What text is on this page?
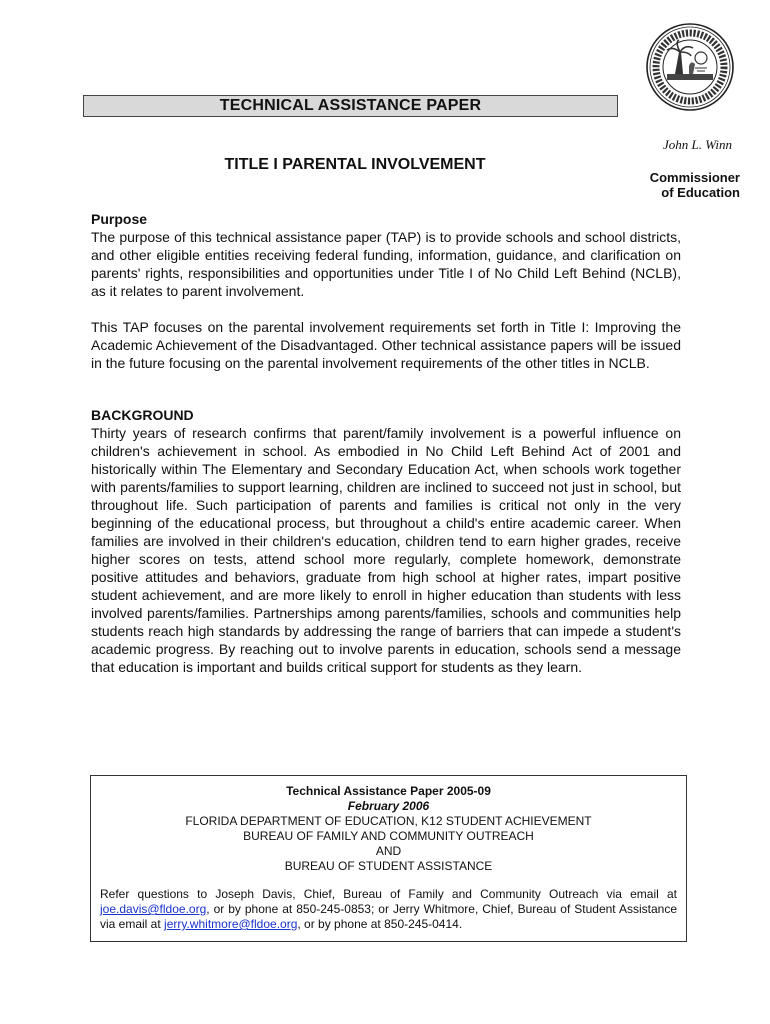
TECHNICAL ASSISTANCE PAPER
John L. Winn
TITLE I PARENTAL INVOLVEMENT
Commissioner
of Education
Purpose

The purpose of this technical assistance paper (TAP) is to provide schools and school districts, and other eligible entities receiving federal funding, information, guidance, and clarification on parents' rights, responsibilities and opportunities under Title I of No Child Left Behind (NCLB), as it relates to parent involvement.

This TAP focuses on the parental involvement requirements set forth in Title I: Improving the Academic Achievement of the Disadvantaged. Other technical assistance papers will be issued in the future focusing on the parental involvement requirements of the other titles in NCLB.

BACKGROUND

Thirty years of research confirms that parent/family involvement is a powerful influence on children's achievement in school. As embodied in No Child Left Behind Act of 2001 and historically within The Elementary and Secondary Education Act, when schools work together with parents/families to support learning, children are inclined to succeed not just in school, but throughout life. Such participation of parents and families is critical not only in the very beginning of the educational process, but throughout a child's entire academic career. When families are involved in their children's education, children tend to earn higher grades, receive higher scores on tests, attend school more regularly, complete homework, demonstrate positive attitudes and behaviors, graduate from high school at higher rates, impart positive student achievement, and are more likely to enroll in higher education than students with less involved parents/families. Partnerships among parents/families, schools and communities help students reach high standards by addressing the range of barriers that can impede a student's academic progress. By reaching out to involve parents in education, schools send a message that education is important and builds critical support for students as they learn.

Technical Assistance Paper 2005-09
February 2006
FLORIDA DEPARTMENT OF EDUCATION, K12 STUDENT ACHIEVEMENT
BUREAU OF FAMILY AND COMMUNITY OUTREACH
AND
BUREAU OF STUDENT ASSISTANCE
Refer questions to Joseph Davis, Chief, Bureau of Family and Community Outreach via email at joe.davis@fldoe.org, or by phone at 850-245-0853; or Jerry Whitmore, Chief, Bureau of Student Assistance via email at jerry.whitmore@fldoe.org, or by phone at 850-245-0414.
